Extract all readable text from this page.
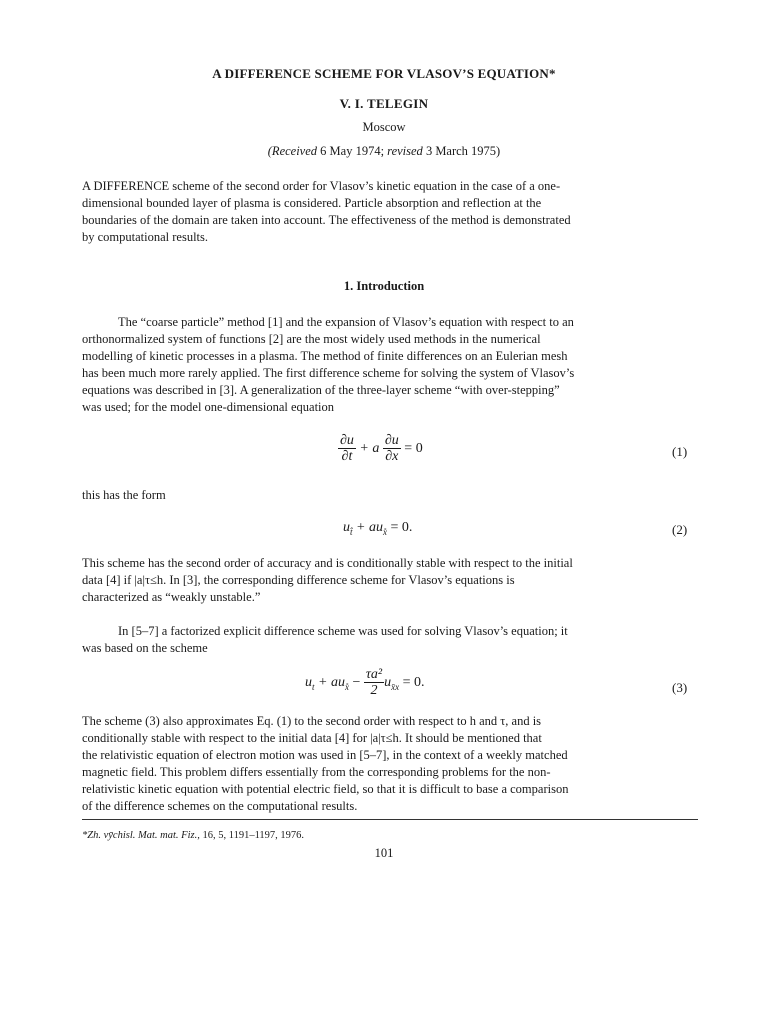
A DIFFERENCE SCHEME FOR VLASOV’S EQUATION*
V. I. TELEGIN
Moscow
(Received 6 May 1974; revised 3 March 1975)

A DIFFERENCE scheme of the second order for Vlasov’s kinetic equation in the case of a one-
dimensional bounded layer of plasma is considered. Particle absorption and reflection at the
boundaries of the domain are taken into account. The effectiveness of the method is demonstrated
by computational results.

1. Introduction

The “coarse particle” method [1] and the expansion of Vlasov’s equation with respect to an
orthonormalized system of functions [2] are the most widely used methods in the numerical
modelling of kinetic processes in a plasma. The method of finite differences on an Eulerian mesh
has been much more rarely applied. The first difference scheme for solving the system of Vlasov’s
equations was described in [3]. A generalization of the three-layer scheme “with over-stepping”
was used; for the model one-dimensional equation

$\frac{\partial u}{\partial t} + a \frac{\partial u}{\partial x} = 0$	(1)

this has the form

$u_{t̂} + au_{x̊} = 0$.	(2)

This scheme has the second order of accuracy and is conditionally stable with respect to the initial
data [4] if |a|τ≤h. In [3], the corresponding difference scheme for Vlasov’s equations is
characterized as “weakly unstable.”

In [5–7] a factorized explicit difference scheme was used for solving Vlasov’s equation; it
was based on the scheme

$u_t + au_{x̊} - \frac{\text{τa²}}{2} u_{x̄x} = 0$.	(3)

The scheme (3) also approximates Eq. (1) to the second order with respect to h and τ, and is
conditionally stable with respect to the initial data [4] for |a|τ≤h. It should be mentioned that
the relativistic equation of electron motion was used in [5–7], in the context of a weekly matched
magnetic field. This problem differs essentially from the corresponding problems for the non-
relativistic kinetic equation with potential electric field, so that it is difficult to base a comparison
of the difference schemes on the computational results.

*Zh. vȳchisl. Mat. mat. Fiz., 16, 5, 1191–1197, 1976.
101
